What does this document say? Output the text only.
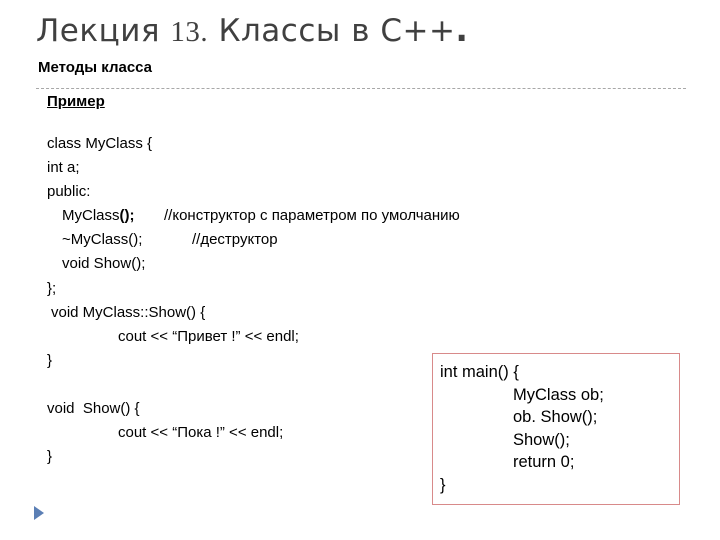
Лекция 13. Классы в С++.
Методы класса
Пример
class MyClass {
int a;
public:
MyClass(); //конструктор с параметром по умолчанию
~MyClass();	//деструктор
void Show();
};
void MyClass::Show() {
cout << “Привет !” << endl;
}
void  Show() {
cout << “Пока !” << endl;
}
int main() {
MyClass ob;
ob. Show();
Show();
return 0;
}
